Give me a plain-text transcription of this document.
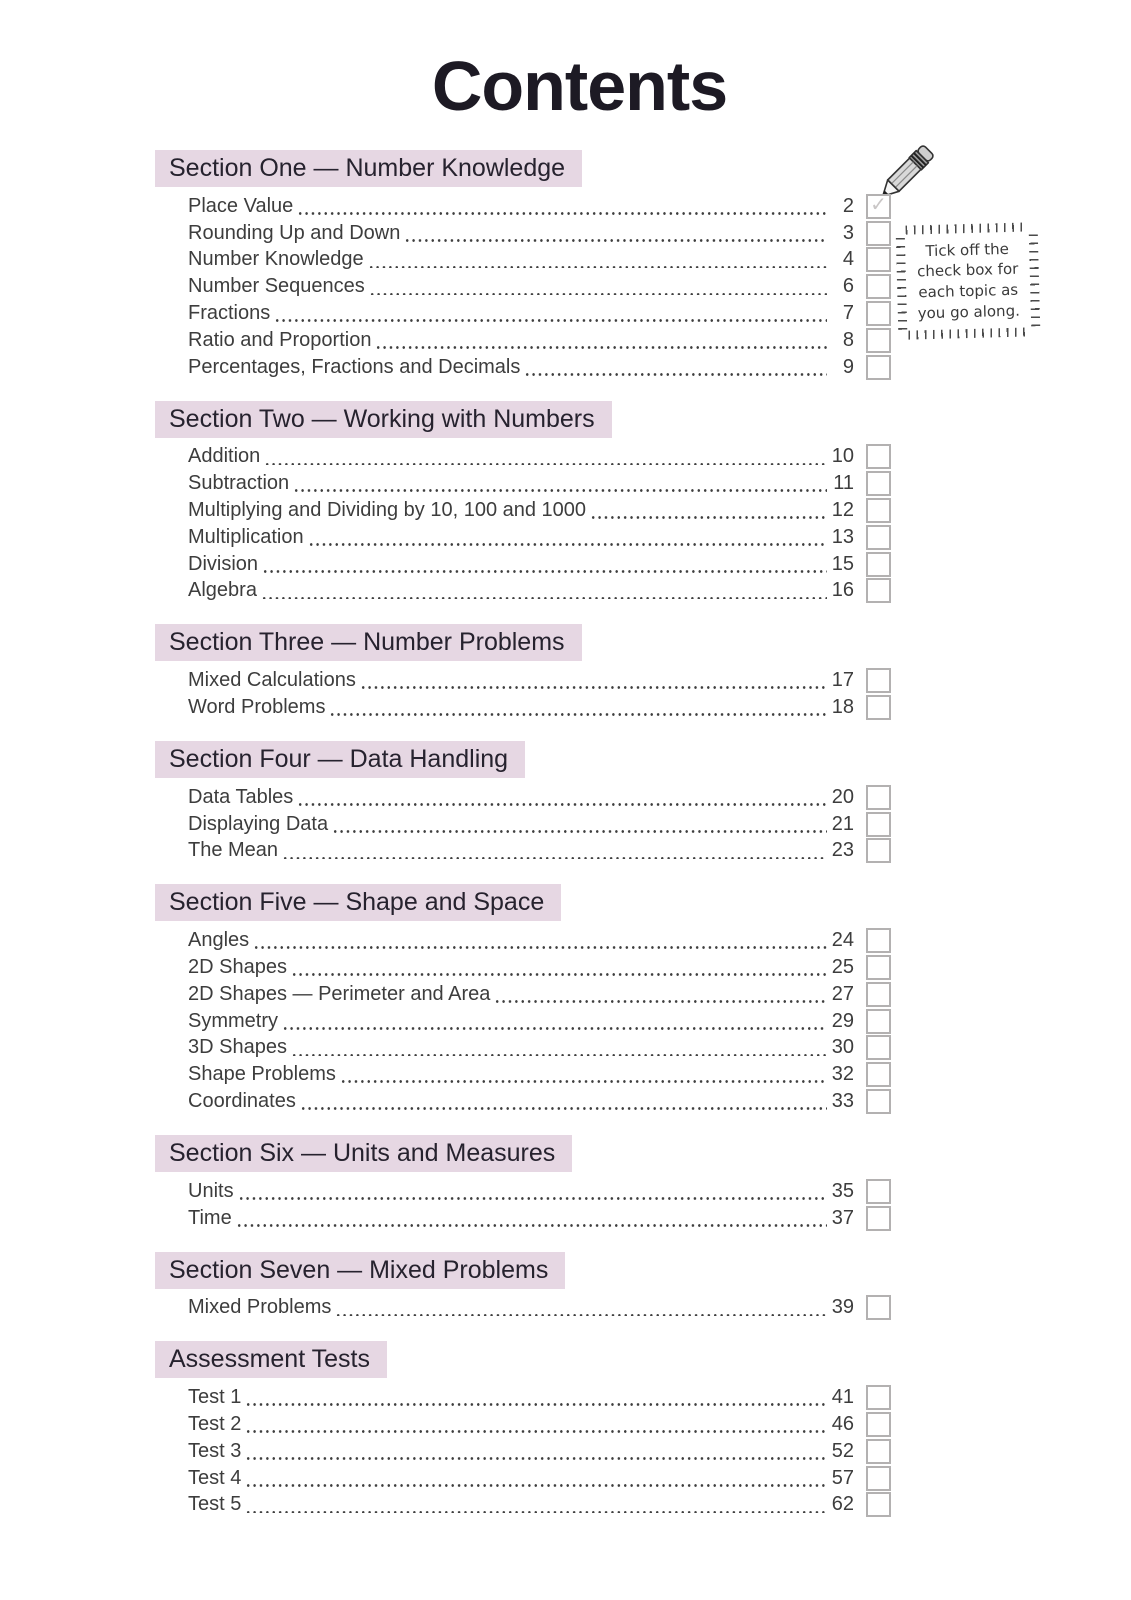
Contents
Tick off the check box for each topic as you go along.
Section One — Number Knowledge
Place Value	2 ✓
Rounding Up and Down	3
Number Knowledge	4
Number Sequences	6
Fractions	7
Ratio and Proportion	8
Percentages, Fractions and Decimals	9
Section Two — Working with Numbers
Addition	10
Subtraction	11
Multiplying and Dividing by 10, 100 and 1000	12
Multiplication	13
Division	15
Algebra	16
Section Three — Number Problems
Mixed Calculations	17
Word Problems	18
Section Four — Data Handling
Data Tables	20
Displaying Data	21
The Mean	23
Section Five — Shape and Space
Angles	24
2D Shapes	25
2D Shapes — Perimeter and Area	27
Symmetry	29
3D Shapes	30
Shape Problems	32
Coordinates	33
Section Six — Units and Measures
Units	35
Time	37
Section Seven — Mixed Problems
Mixed Problems	39
Assessment Tests
Test 1	41
Test 2	46
Test 3	52
Test 4	57
Test 5	62
